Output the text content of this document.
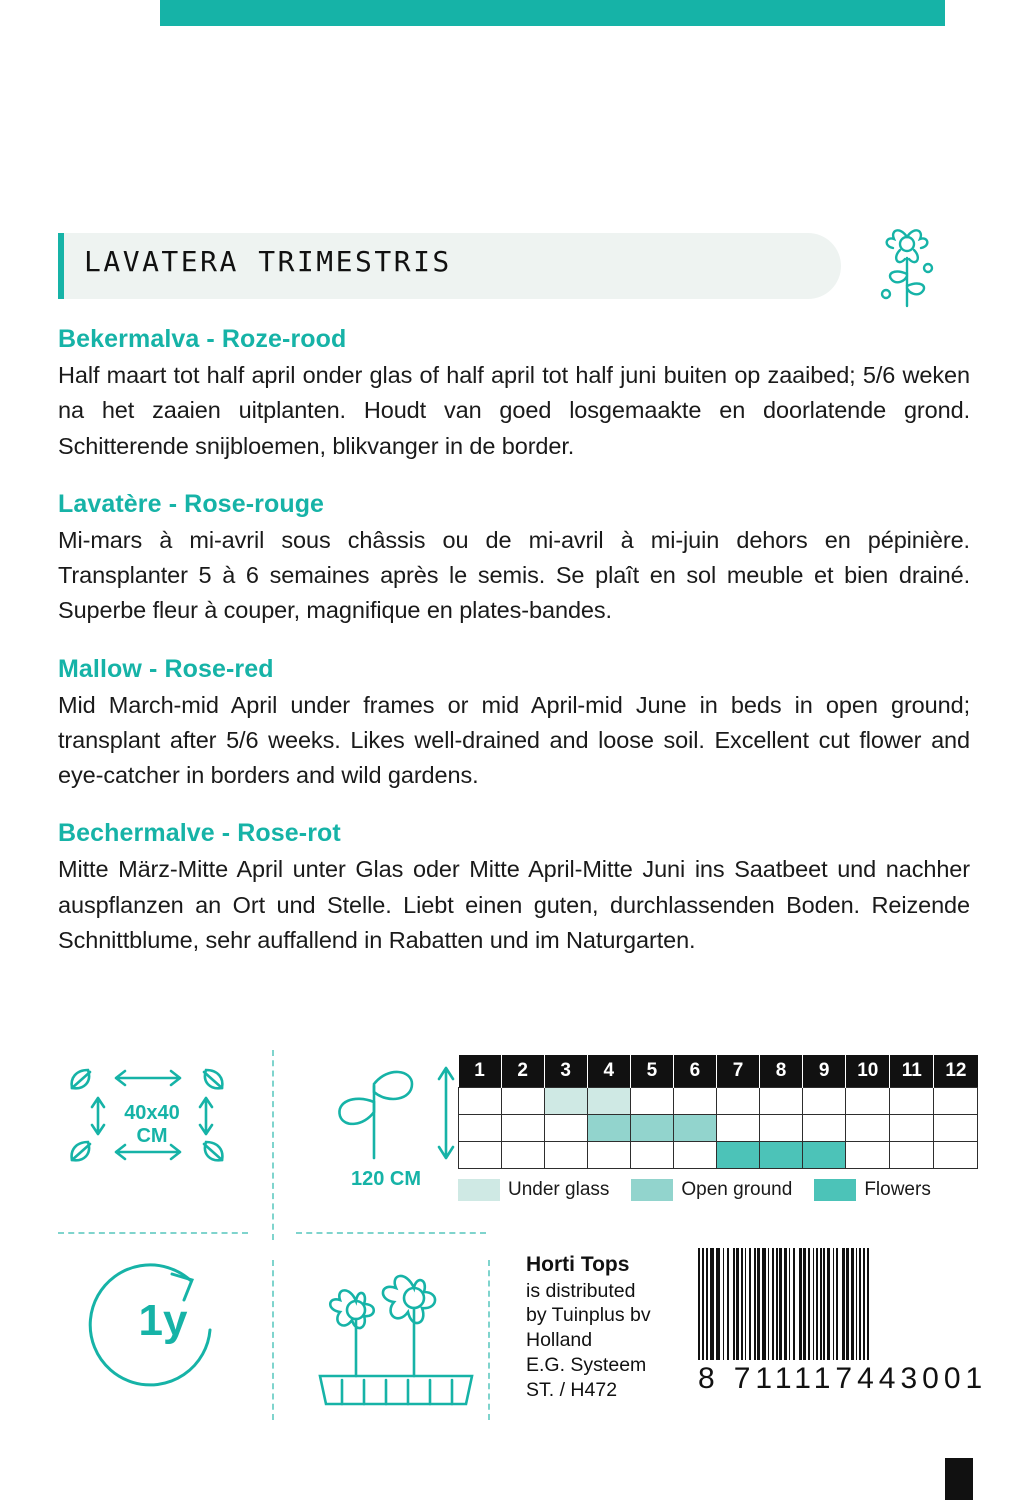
LAVATERA TRIMESTRIS
Bekermalva - Roze-rood

Half maart tot half april onder glas of half april tot half juni buiten op zaaibed; 5/6 weken na het zaaien uitplanten. Houdt van goed losgemaakte en doorlatende grond. Schitterende snijbloemen, blikvanger in de border.

Lavatère - Rose-rouge

Mi-mars à mi-avril sous châssis ou de mi-avril à mi-juin dehors en pépinière. Transplanter 5 à 6 semaines après le semis. Se plaît en sol meuble et bien drainé. Superbe fleur à couper, magnifique en plates-bandes.

Mallow - Rose-red

Mid March-mid April under frames or mid April-mid June in beds in open ground; transplant after 5/6 weeks. Likes well-drained and loose soil. Excellent cut flower and eye-catcher in borders and wild gardens.

Bechermalve - Rose-rot

Mitte März-Mitte April unter Glas oder Mitte April-Mitte Juni ins Saatbeet und nachher auspflanzen an Ort und Stelle. Liebt einen guten, durchlassenden Boden. Reizende Schnittblume, sehr auffallend in Rabatten und im Naturgarten.

40x40
CM
120 CM
1y
1	2	3	4	5	6	7	8	9	10	11	12

Under glass	Open ground	Flowers
Horti Tops
is distributed
by Tuinplus bv
Holland
E.G. Systeem
ST. / H472	8 711117443001
